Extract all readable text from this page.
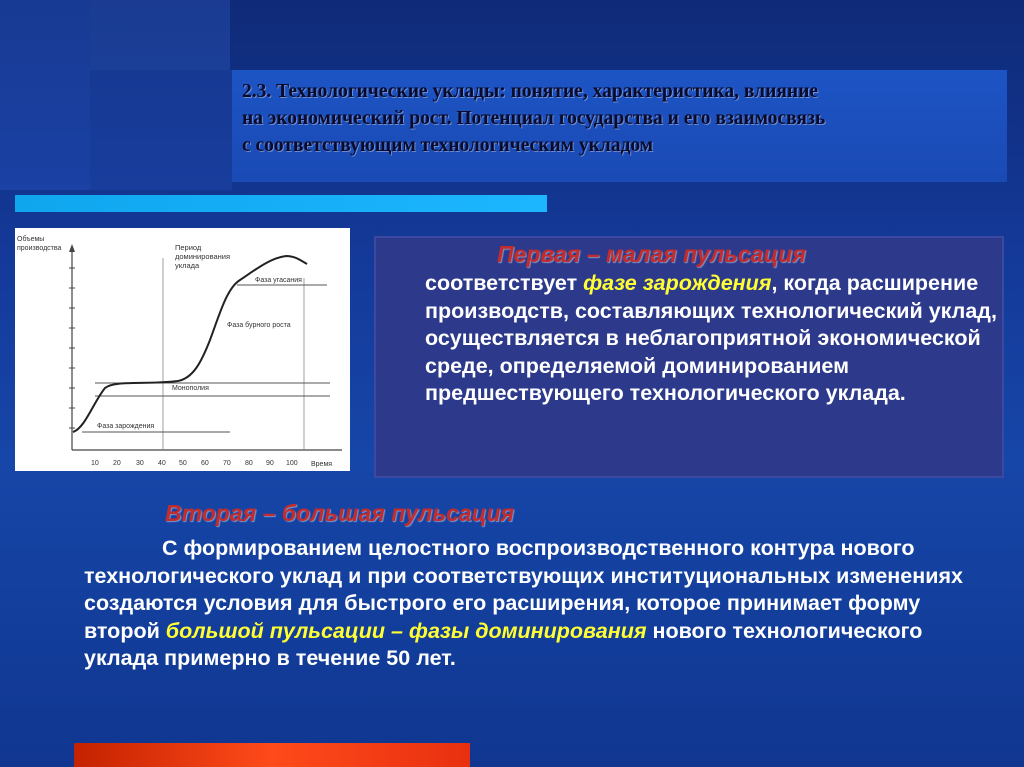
2.3. Технологические уклады: понятие, характеристика, влияние
на экономический рост. Потенциал государства и его взаимосвязь
с соответствующим технологическим укладом
Объемы
производства	Период
доминирования
уклада
Фаза угасания
Фаза бурного роста
Монополия
Фаза зарождения
Время
10 20 30 40 50 60 70 80 90 100
Первая – малая пульсация
соответствует фазе зарождения, когда расширение производств, составляющих технологический уклад, осуществляется в неблагоприятной экономической среде, определяемой доминированием предшествующего технологического уклада.
Вторая – большая пульсация
С формированием целостного воспроизводственного контура нового технологического уклад и при соответствующих институциональных изменениях создаются условия для быстрого его расширения, которое принимает форму второй большой пульсации – фазы доминирования нового технологического уклада примерно в течение 50 лет.
